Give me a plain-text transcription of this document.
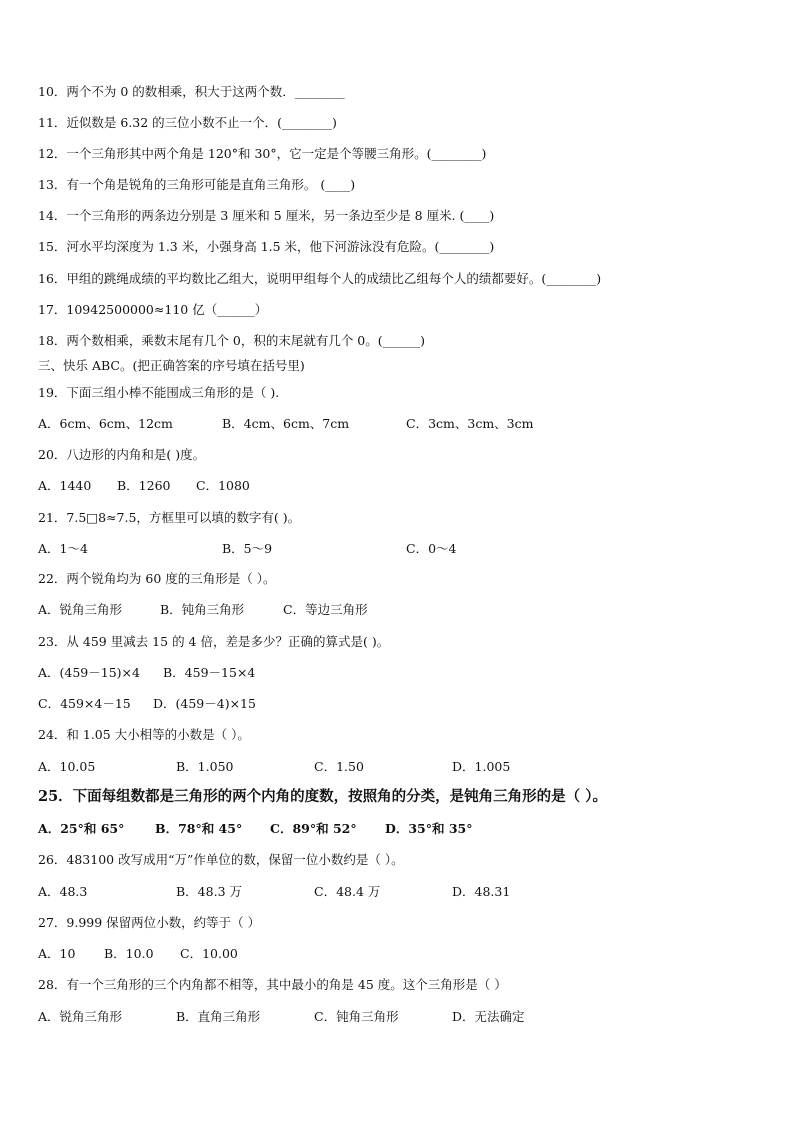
10．两个不为 0 的数相乘，积大于这两个数．________
11．近似数是 6.32 的三位小数不止一个．(________)
12．一个三角形其中两个角是 120°和 30°，它一定是个等腰三角形。(________)
13．有一个角是锐角的三角形可能是直角三角形。 (____)
14．一个三角形的两条边分别是 3 厘米和 5 厘米，另一条边至少是 8 厘米. (____)
15．河水平均深度为 1.3 米，小强身高 1.5 米，他下河游泳没有危险。(________)
16．甲组的跳绳成绩的平均数比乙组大，说明甲组每个人的成绩比乙组每个人的绩都要好。(________)
17．10942500000≈110 亿（______）
18．两个数相乘，乘数末尾有几个 0，积的末尾就有几个 0。(______)
三、快乐 ABC。(把正确答案的序号填在括号里)
19．下面三组小棒不能围成三角形的是（ ).
A．6cm、6cm、12cm	B．4cm、6cm、7cm	C．3cm、3cm、3cm
20．八边形的内角和是( )度。
A．1440 B．1260 C．1080
21．7.5□8≈7.5，方框里可以填的数字有( )。
A．1～4	B．5～9	C．0～4
22．两个锐角均为 60 度的三角形是（ ）。
A．锐角三角形	B．钝角三角形	C．等边三角形
23．从 459 里减去 15 的 4 倍，差是多少？正确的算式是( )。
A．(459－15)×4 B．459－15×4
C．459×4－15 D．(459－4)×15
24．和 1.05 大小相等的小数是（ ）。
A．10.05	B．1.050	C．1.50	D．1.005
25．下面每组数都是三角形的两个内角的度数，按照角的分类，是钝角三角形的是（ ）。
A．25°和 65° B．78°和 45° C．89°和 52° D．35°和 35°
26．483100 改写成用“万”作单位的数，保留一位小数约是（ ）。
A．48.3	B．48.3 万	C．48.4 万	D．48.31
27．9.999 保留两位小数，约等于（ ）
A．10 B．10.0 C．10.00
28．有一个三角形的三个内角都不相等，其中最小的角是 45 度。这个三角形是（ ）
A．锐角三角形	B．直角三角形	C．钝角三角形	D．无法确定
